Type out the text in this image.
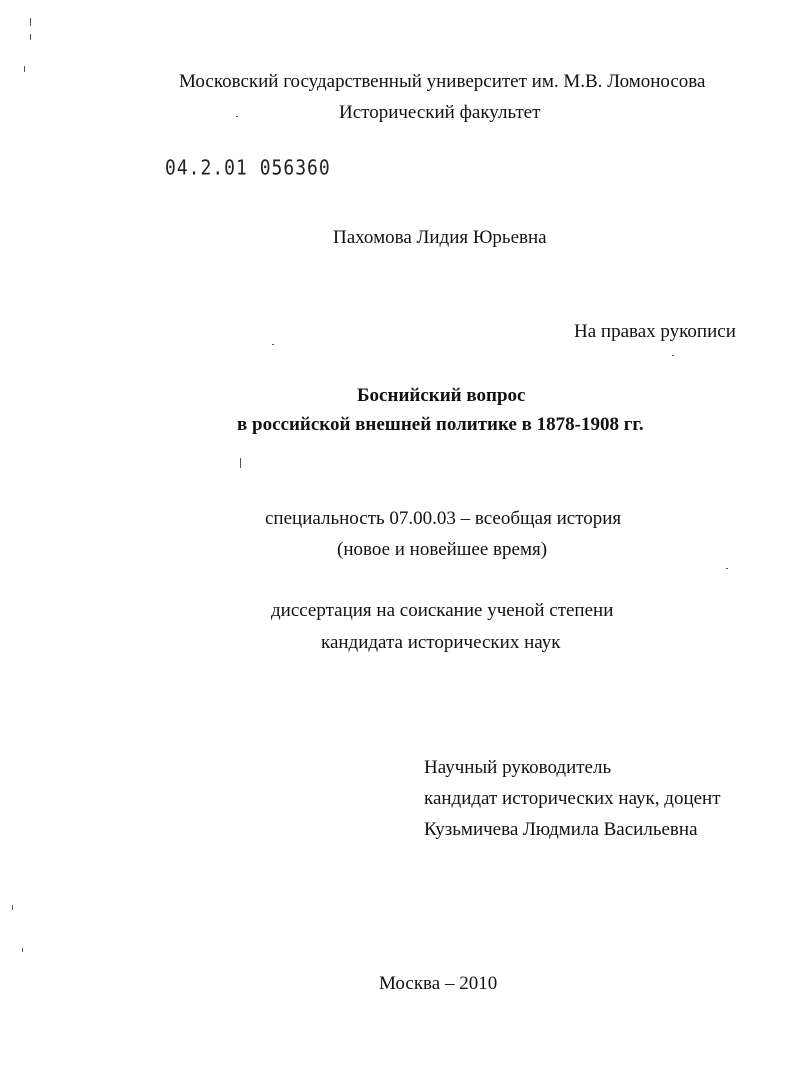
Московский государственный университет им. М.В. Ломоносова
Исторический факультет
04.2.01 056360
Пахомова Лидия Юрьевна
На правах рукописи
Боснийский вопрос
в российской внешней политике в 1878-1908 гг.
специальность 07.00.03 – всеобщая история
(новое и новейшее время)
диссертация на соискание ученой степени
кандидата исторических наук
Научный руководитель
кандидат исторических наук, доцент
Кузьмичева Людмила Васильевна
Москва – 2010
